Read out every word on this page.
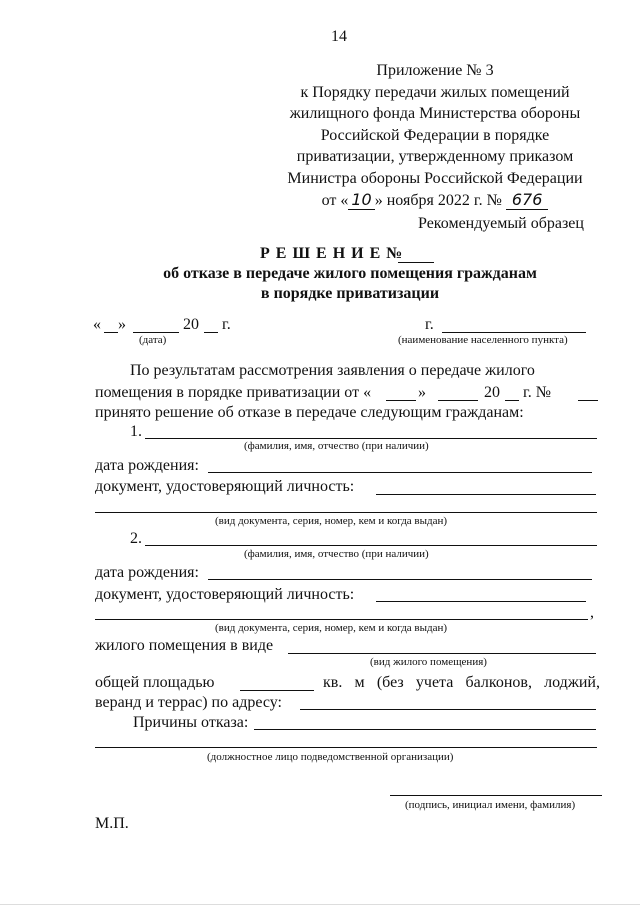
14
Приложение № 3
к Порядку передачи жилых помещений
жилищного фонда Министерства обороны
Российской Федерации в порядке
приватизации, утвержденному приказом
Министра обороны Российской Федерации
от « 10 » ноября 2022 г. № 676
Рекомендуемый образец
Р Е Ш Е Н И Е №
об отказе в передаче жилого помещения гражданам
в порядке приватизации
« »	20 г.
(дата)
г.
(наименование населенного пункта)
По результатам рассмотрения заявления о передаче жилого
помещения в порядке приватизации от «	»	20 г. №
принято решение об отказе в передаче следующим гражданам:
1.
(фамилия, имя, отчество (при наличии)
дата рождения:
документ, удостоверяющий личность:
(вид документа, серия, номер, кем и когда выдан)
2.
(фамилия, имя, отчество (при наличии)
дата рождения:
документ, удостоверяющий личность:
,
(вид документа, серия, номер, кем и когда выдан)
жилого помещения в виде
(вид жилого помещения)
общей площадью	кв. м (без учета балконов, лоджий,
веранд и террас) по адресу:
Причины отказа:
(должностное лицо подведомственной организации)
(подпись, инициал имени, фамилия)
М.П.
